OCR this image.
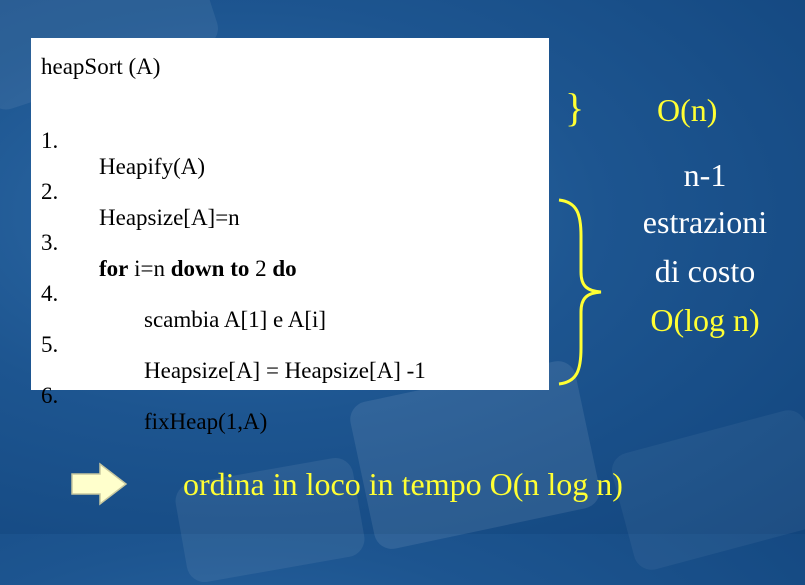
heapSort (A)

1.

Heapify(A)

2.

Heapsize[A]=n

3.

for i=n down to 2 do

4.

scambia A[1] e A[i]

5.

Heapsize[A] = Heapsize[A] -1

6.

fixHeap(1,A)

} O(n)
n-1
estrazioni
di costo
O(log n)
ordina in loco in tempo O(n log n)
